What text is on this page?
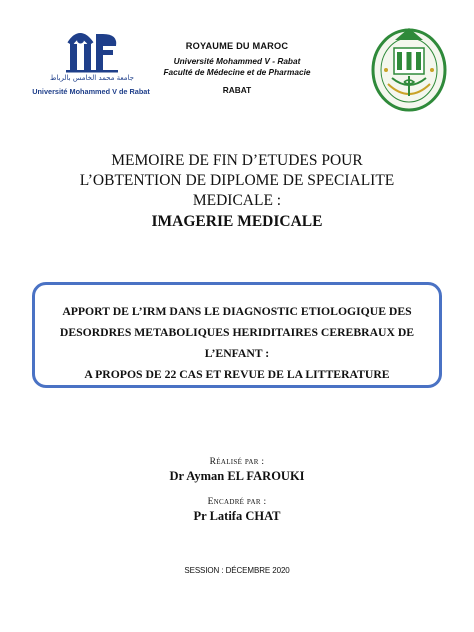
جامعة محمد الخامس بالرباط
Université Mohammed V de Rabat
ROYAUME DU MAROC
Université Mohammed V - Rabat
Faculté de Médecine et de Pharmacie
RABAT
MEMOIRE DE FIN D’ETUDES POUR
L’OBTENTION DE DIPLOME DE SPECIALITE
MEDICALE :
IMAGERIE MEDICALE
APPORT DE L’IRM DANS LE DIAGNOSTIC ETIOLOGIQUE DES
DESORDRES METABOLIQUES HERIDITAIRES CEREBRAUX DE
L’ENFANT :
A PROPOS DE 22 CAS ET REVUE DE LA LITTERATURE
Réalisé par :
Dr Ayman EL FAROUKI
Encadré par :
Pr Latifa CHAT
SESSION : DÉCEMBRE 2020
